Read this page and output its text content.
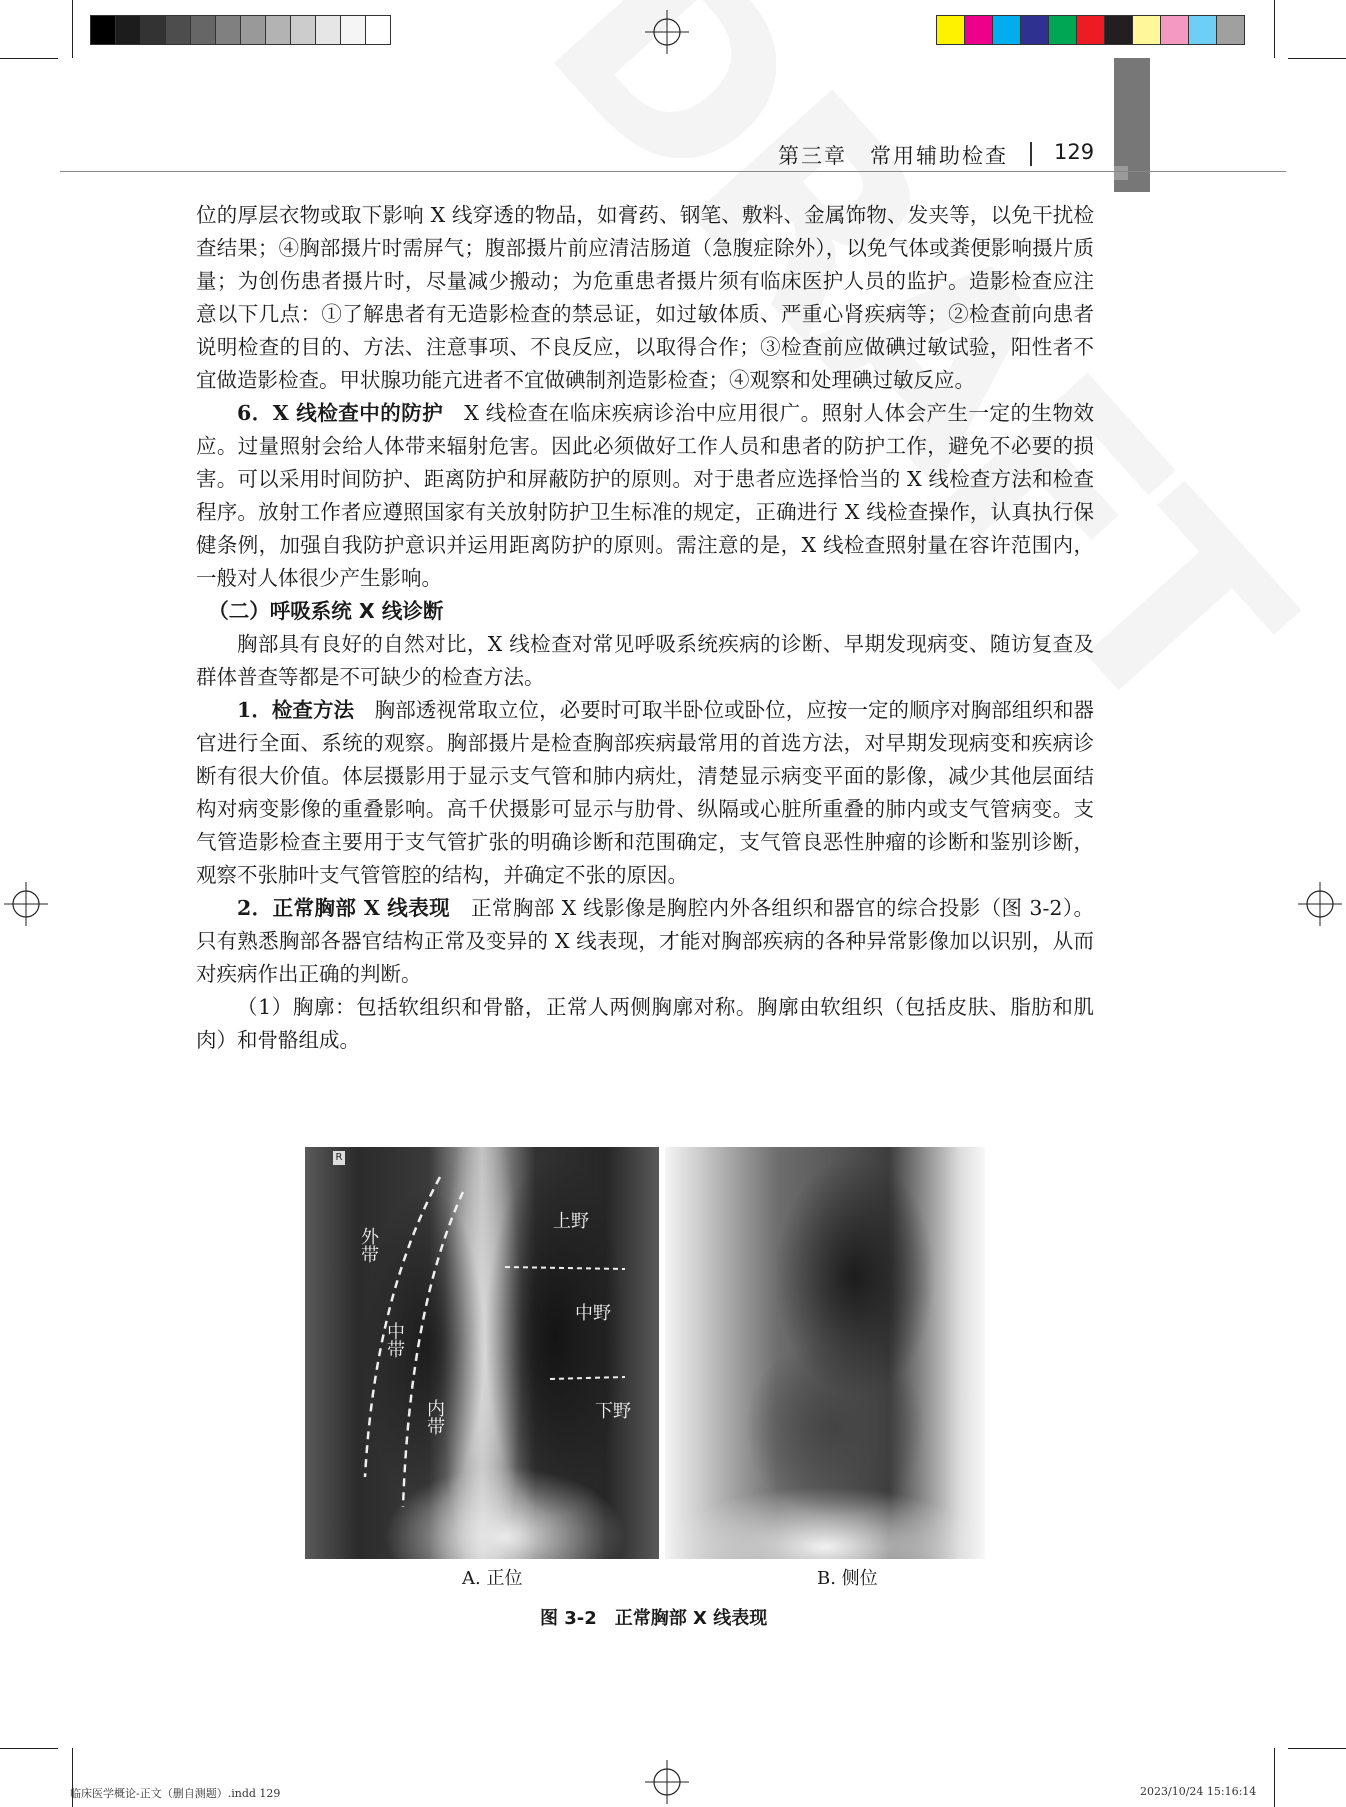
第三章　常用辅助检查 129

位的厚层衣物或取下影响 X 线穿透的物品，如膏药、钢笔、敷料、金属饰物、发夹等，以免干扰检查结果；④胸部摄片时需屏气；腹部摄片前应清洁肠道（急腹症除外），以免气体或粪便影响摄片质量；为创伤患者摄片时，尽量减少搬动；为危重患者摄片须有临床医护人员的监护。造影检查应注意以下几点：①了解患者有无造影检查的禁忌证，如过敏体质、严重心肾疾病等；②检查前向患者说明检查的目的、方法、注意事项、不良反应，以取得合作；③检查前应做碘过敏试验，阳性者不宜做造影检查。甲状腺功能亢进者不宜做碘制剂造影检查；④观察和处理碘过敏反应。

6．X 线检查中的防护　X 线检查在临床疾病诊治中应用很广。照射人体会产生一定的生物效应。过量照射会给人体带来辐射危害。因此必须做好工作人员和患者的防护工作，避免不必要的损害。可以采用时间防护、距离防护和屏蔽防护的原则。对于患者应选择恰当的 X 线检查方法和检查程序。放射工作者应遵照国家有关放射防护卫生标准的规定，正确进行 X 线检查操作，认真执行保健条例，加强自我防护意识并运用距离防护的原则。需注意的是，X 线检查照射量在容许范围内，一般对人体很少产生影响。

（二）呼吸系统 X 线诊断

胸部具有良好的自然对比，X 线检查对常见呼吸系统疾病的诊断、早期发现病变、随访复查及群体普查等都是不可缺少的检查方法。

1．检查方法　胸部透视常取立位，必要时可取半卧位或卧位，应按一定的顺序对胸部组织和器官进行全面、系统的观察。胸部摄片是检查胸部疾病最常用的首选方法，对早期发现病变和疾病诊断有很大价值。体层摄影用于显示支气管和肺内病灶，清楚显示病变平面的影像，减少其他层面结构对病变影像的重叠影响。高千伏摄影可显示与肋骨、纵隔或心脏所重叠的肺内或支气管病变。支气管造影检查主要用于支气管扩张的明确诊断和范围确定，支气管良恶性肿瘤的诊断和鉴别诊断，观察不张肺叶支气管管腔的结构，并确定不张的原因。

2．正常胸部 X 线表现　正常胸部 X 线影像是胸腔内外各组织和器官的综合投影（图 3-2）。只有熟悉胸部各器官结构正常及变异的 X 线表现，才能对胸部疾病的各种异常影像加以识别，从而对疾病作出正确的判断。

（1）胸廓：包括软组织和骨骼，正常人两侧胸廓对称。胸廓由软组织（包括皮肤、脂肪和肌肉）和骨骼组成。

R
外带
中带
内带
上野
中野
下野
A. 正位	B. 侧位
图 3-2　正常胸部 X 线表现
临床医学概论-正文（删自测题）.indd 129	2023/10/24 15:16:14
